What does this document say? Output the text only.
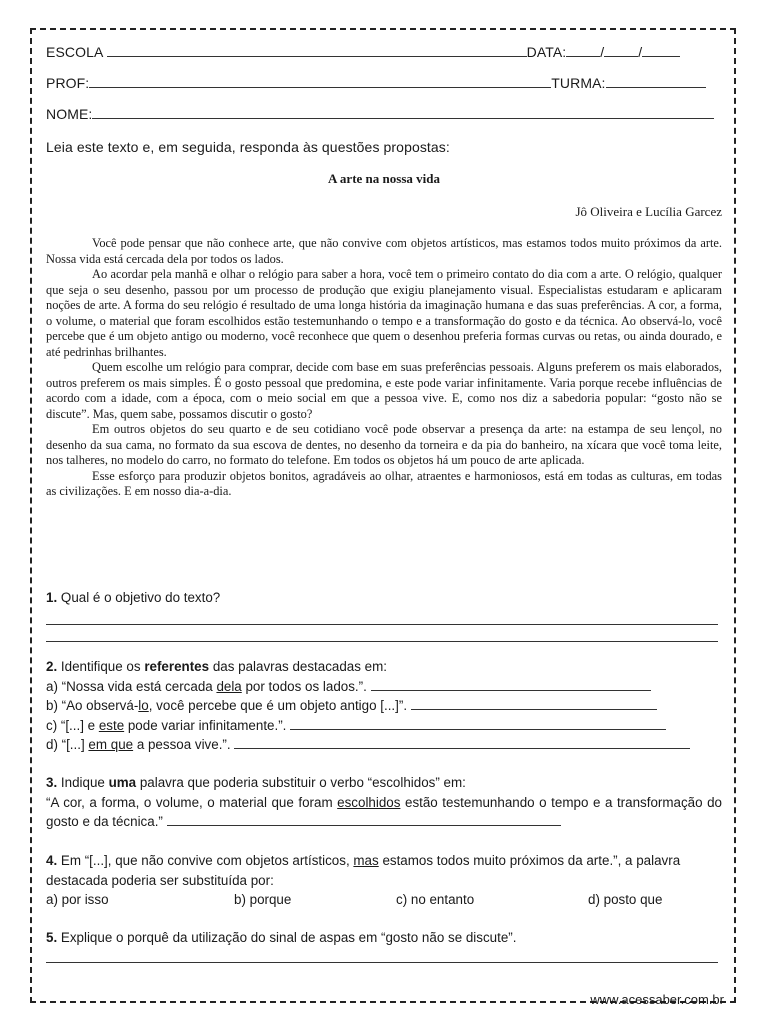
ESCOLA	DATA: / /
PROF:	TURMA:
NOME:
Leia este texto e, em seguida, responda às questões propostas:
A arte na nossa vida
Jô Oliveira e Lucília Garcez

Você pode pensar que não conhece arte, que não convive com objetos artísticos, mas estamos todos muito próximos da arte. Nossa vida está cercada dela por todos os lados.

Ao acordar pela manhã e olhar o relógio para saber a hora, você tem o primeiro contato do dia com a arte. O relógio, qualquer que seja o seu desenho, passou por um processo de produção que exigiu planejamento visual. Especialistas estudaram e aplicaram noções de arte. A forma do seu relógio é resultado de uma longa história da imaginação humana e das suas preferências. A cor, a forma, o volume, o material que foram escolhidos estão testemunhando o tempo e a transformação do gosto e da técnica. Ao observá-lo, você percebe que é um objeto antigo ou moderno, você reconhece que quem o desenhou preferia formas curvas ou retas, ou ainda dourado, e até pedrinhas brilhantes.

Quem escolhe um relógio para comprar, decide com base em suas preferências pessoais. Alguns preferem os mais elaborados, outros preferem os mais simples. É o gosto pessoal que predomina, e este pode variar infinitamente. Varia porque recebe influências de acordo com a idade, com a época, com o meio social em que a pessoa vive. E, como nos diz a sabedoria popular: “gosto não se discute”. Mas, quem sabe, possamos discutir o gosto?

Em outros objetos do seu quarto e de seu cotidiano você pode observar a presença da arte: na estampa de seu lençol, no desenho da sua cama, no formato da sua escova de dentes, no desenho da torneira e da pia do banheiro, na xícara que você toma leite, nos talheres, no modelo do carro, no formato do telefone. Em todos os objetos há um pouco de arte aplicada.

Esse esforço para produzir objetos bonitos, agradáveis ao olhar, atraentes e harmoniosos, está em todas as culturas, em todas as civilizações. E em nosso dia-a-dia.

1. Qual é o objetivo do texto?

2. Identifique os referentes das palavras destacadas em:

a) “Nossa vida está cercada dela por todos os lados.”.

b) “Ao observá-lo, você percebe que é um objeto antigo [...]”.

c) “[...] e este pode variar infinitamente.”.

d) “[...] em que a pessoa vive.”.

3. Indique uma palavra que poderia substituir o verbo “escolhidos” em:

“A cor, a forma, o volume, o material que foram escolhidos estão testemunhando o tempo e a transformação do gosto e da técnica.”

4. Em “[...], que não convive com objetos artísticos, mas estamos todos muito próximos da arte.”, a palavra destacada poderia ser substituída por:

a) por isso	b) porque	c) no entanto	d) posto que

5. Explique o porquê da utilização do sinal de aspas em “gosto não se discute”.

www.acessaber.com.br
